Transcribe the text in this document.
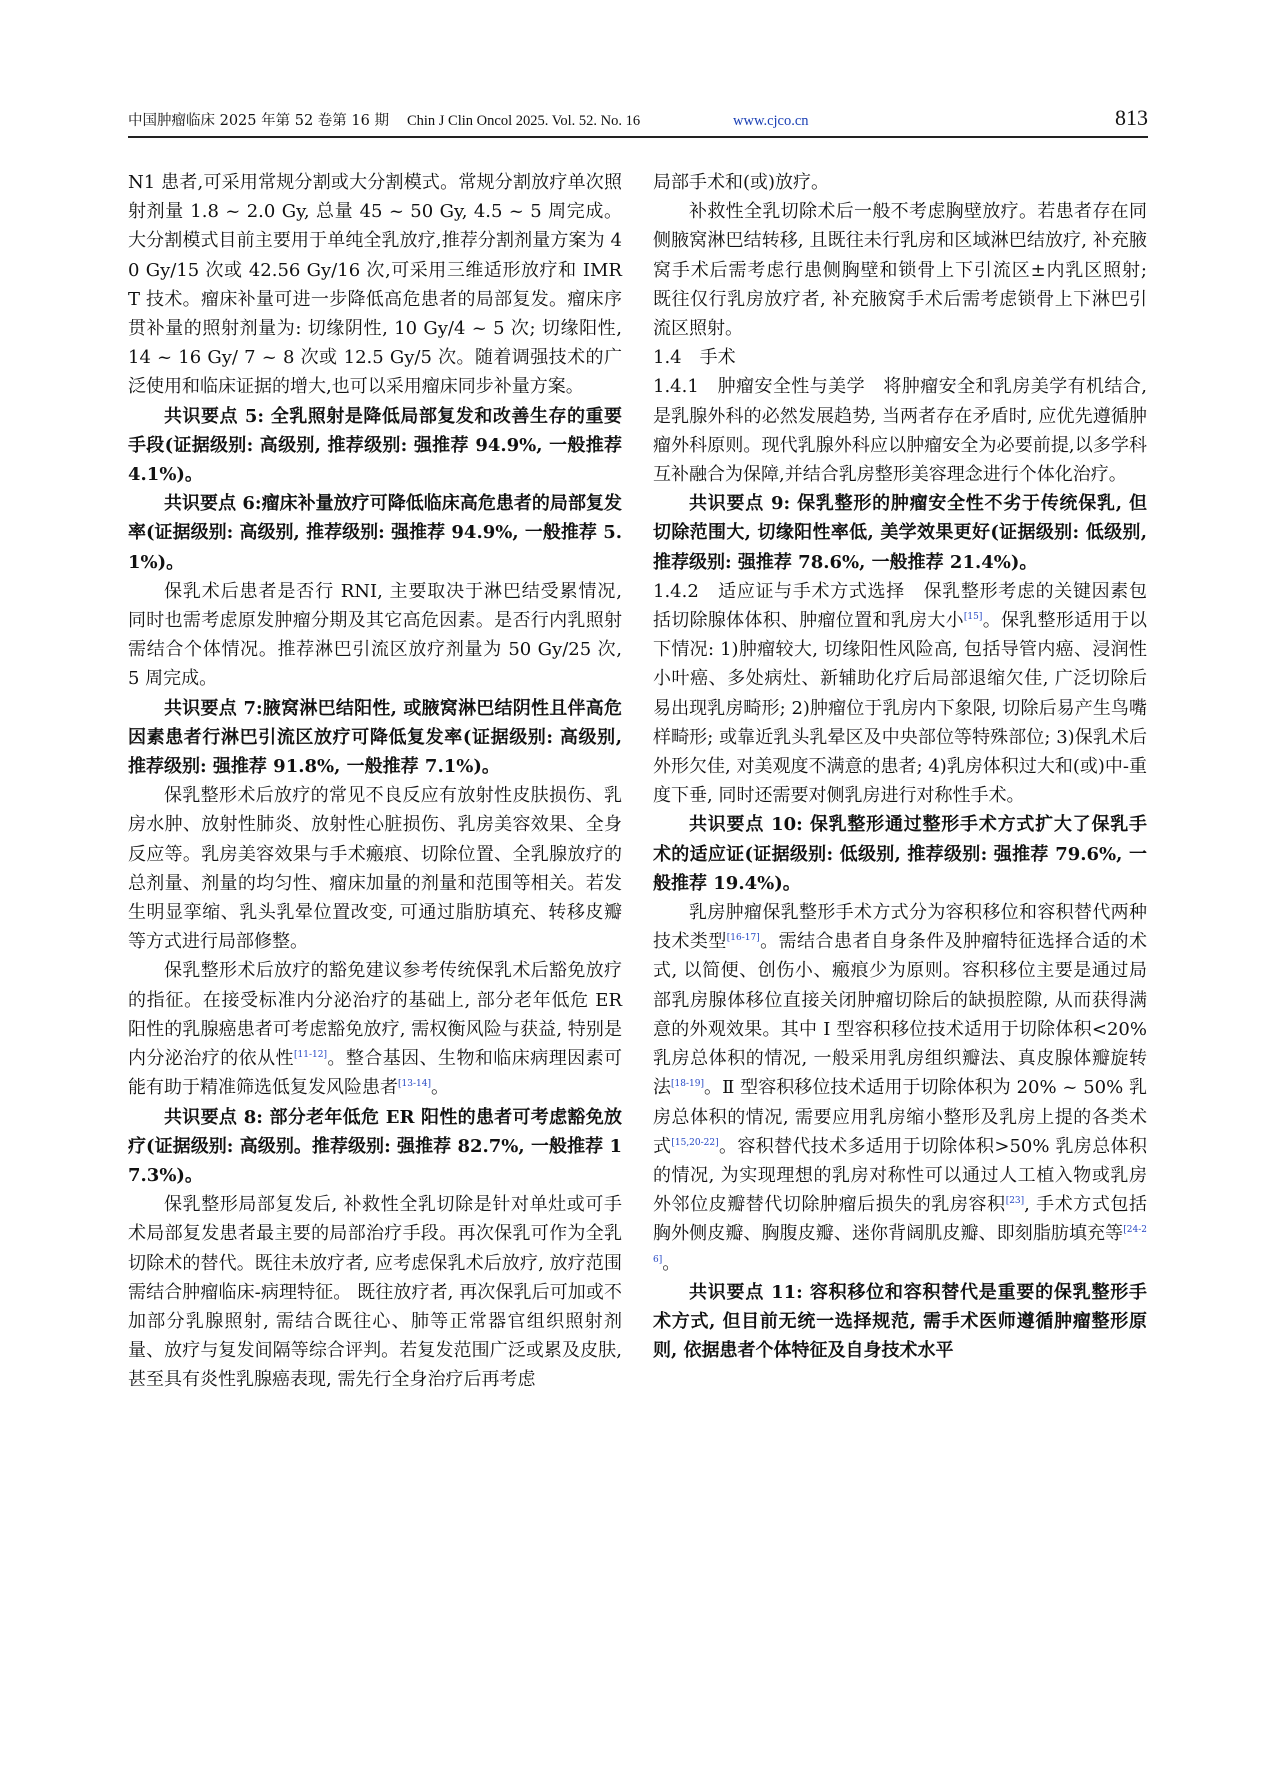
中国肿瘤临床 2025 年第 52 卷第 16 期 Chin J Clin Oncol 2025. Vol. 52. No. 16	www.cjco.cn	813

N1 患者,可采用常规分割或大分割模式。常规分割放疗单次照射剂量 1.8 ~ 2.0 Gy, 总量 45 ~ 50 Gy, 4.5 ~ 5 周完成。大分割模式目前主要用于单纯全乳放疗,推荐分割剂量方案为 40 Gy/15 次或 42.56 Gy/16 次,可采用三维适形放疗和 IMRT 技术。瘤床补量可进一步降低高危患者的局部复发。瘤床序贯补量的照射剂量为: 切缘阴性, 10 Gy/4 ~ 5 次; 切缘阳性, 14 ~ 16 Gy/ 7 ~ 8 次或 12.5 Gy/5 次。随着调强技术的广泛使用和临床证据的增大,也可以采用瘤床同步补量方案。

共识要点 5: 全乳照射是降低局部复发和改善生存的重要手段(证据级别: 高级别, 推荐级别: 强推荐 94.9%, 一般推荐 4.1%)。

共识要点 6:瘤床补量放疗可降低临床高危患者的局部复发率(证据级别: 高级别, 推荐级别: 强推荐 94.9%, 一般推荐 5.1%)。

保乳术后患者是否行 RNI, 主要取决于淋巴结受累情况, 同时也需考虑原发肿瘤分期及其它高危因素。是否行内乳照射需结合个体情况。推荐淋巴引流区放疗剂量为 50 Gy/25 次, 5 周完成。

共识要点 7:腋窝淋巴结阳性, 或腋窝淋巴结阴性且伴高危因素患者行淋巴引流区放疗可降低复发率(证据级别: 高级别, 推荐级别: 强推荐 91.8%, 一般推荐 7.1%)。

保乳整形术后放疗的常见不良反应有放射性皮肤损伤、乳房水肿、放射性肺炎、放射性心脏损伤、乳房美容效果、全身反应等。乳房美容效果与手术瘢痕、切除位置、全乳腺放疗的总剂量、剂量的均匀性、瘤床加量的剂量和范围等相关。若发生明显挛缩、乳头乳晕位置改变, 可通过脂肪填充、转移皮瓣等方式进行局部修整。

保乳整形术后放疗的豁免建议参考传统保乳术后豁免放疗的指征。在接受标准内分泌治疗的基础上, 部分老年低危 ER 阳性的乳腺癌患者可考虑豁免放疗, 需权衡风险与获益, 特别是内分泌治疗的依从性[11-12]。整合基因、生物和临床病理因素可能有助于精准筛选低复发风险患者[13-14]。

共识要点 8: 部分老年低危 ER 阳性的患者可考虑豁免放疗(证据级别: 高级别。推荐级别: 强推荐 82.7%, 一般推荐 17.3%)。

保乳整形局部复发后, 补救性全乳切除是针对单灶或可手术局部复发患者最主要的局部治疗手段。再次保乳可作为全乳切除术的替代。既往未放疗者, 应考虑保乳术后放疗, 放疗范围需结合肿瘤临床-病理特征。 既往放疗者, 再次保乳后可加或不加部分乳腺照射, 需结合既往心、肺等正常器官组织照射剂量、放疗与复发间隔等综合评判。若复发范围广泛或累及皮肤, 甚至具有炎性乳腺癌表现, 需先行全身治疗后再考虑

局部手术和(或)放疗。

补救性全乳切除术后一般不考虑胸壁放疗。若患者存在同侧腋窝淋巴结转移, 且既往未行乳房和区域淋巴结放疗, 补充腋窝手术后需考虑行患侧胸壁和锁骨上下引流区±内乳区照射; 既往仅行乳房放疗者, 补充腋窝手术后需考虑锁骨上下淋巴引流区照射。

1.4　手术

1.4.1　肿瘤安全性与美学　将肿瘤安全和乳房美学有机结合, 是乳腺外科的必然发展趋势, 当两者存在矛盾时, 应优先遵循肿瘤外科原则。现代乳腺外科应以肿瘤安全为必要前提,以多学科互补融合为保障,并结合乳房整形美容理念进行个体化治疗。

共识要点 9: 保乳整形的肿瘤安全性不劣于传统保乳, 但切除范围大, 切缘阳性率低, 美学效果更好(证据级别: 低级别, 推荐级别: 强推荐 78.6%, 一般推荐 21.4%)。

1.4.2　适应证与手术方式选择　保乳整形考虑的关键因素包括切除腺体体积、肿瘤位置和乳房大小[15]。保乳整形适用于以下情况: 1)肿瘤较大, 切缘阳性风险高, 包括导管内癌、浸润性小叶癌、多处病灶、新辅助化疗后局部退缩欠佳, 广泛切除后易出现乳房畸形; 2)肿瘤位于乳房内下象限, 切除后易产生鸟嘴样畸形; 或靠近乳头乳晕区及中央部位等特殊部位; 3)保乳术后外形欠佳, 对美观度不满意的患者; 4)乳房体积过大和(或)中-重度下垂, 同时还需要对侧乳房进行对称性手术。

共识要点 10: 保乳整形通过整形手术方式扩大了保乳手术的适应证(证据级别: 低级别, 推荐级别: 强推荐 79.6%, 一般推荐 19.4%)。

乳房肿瘤保乳整形手术方式分为容积移位和容积替代两种技术类型[16-17]。需结合患者自身条件及肿瘤特征选择合适的术式, 以简便、创伤小、瘢痕少为原则。容积移位主要是通过局部乳房腺体移位直接关闭肿瘤切除后的缺损腔隙, 从而获得满意的外观效果。其中 I 型容积移位技术适用于切除体积<20% 乳房总体积的情况, 一般采用乳房组织瓣法、真皮腺体瓣旋转法[18-19]。Ⅱ 型容积移位技术适用于切除体积为 20% ~ 50% 乳房总体积的情况, 需要应用乳房缩小整形及乳房上提的各类术式[15,20-22]。容积替代技术多适用于切除体积>50% 乳房总体积的情况, 为实现理想的乳房对称性可以通过人工植入物或乳房外邻位皮瓣替代切除肿瘤后损失的乳房容积[23], 手术方式包括胸外侧皮瓣、胸腹皮瓣、迷你背阔肌皮瓣、即刻脂肪填充等[24-26]。

共识要点 11: 容积移位和容积替代是重要的保乳整形手术方式, 但目前无统一选择规范, 需手术医师遵循肿瘤整形原则, 依据患者个体特征及自身技术水平
